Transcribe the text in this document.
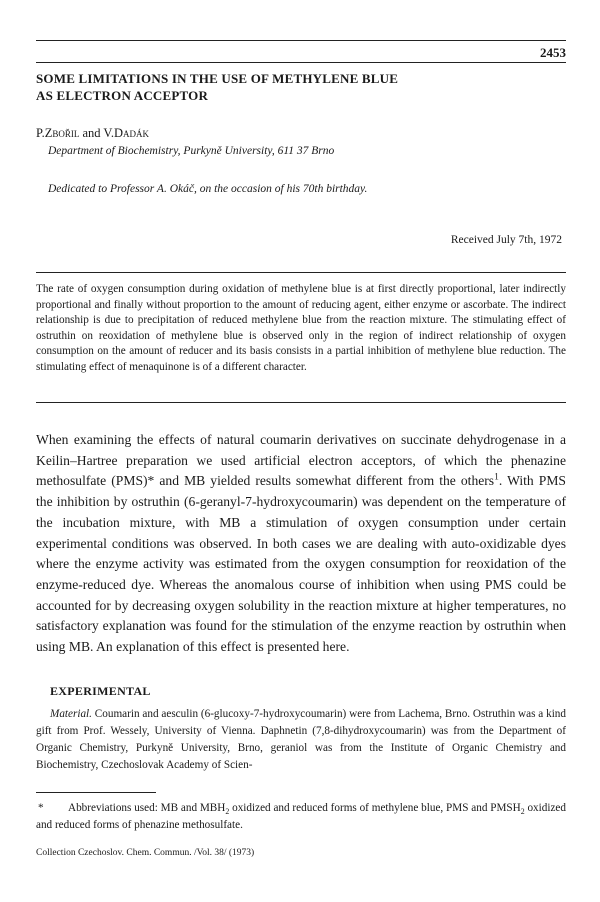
2453
SOME LIMITATIONS IN THE USE OF METHYLENE BLUE
AS ELECTRON ACCEPTOR
P.Zbořil and V.Dadák
Department of Biochemistry, Purkyně University, 611 37 Brno
Dedicated to Professor A. Okáč, on the occasion of his 70th birthday.
Received July 7th, 1972

The rate of oxygen consumption during oxidation of methylene blue is at first directly proportional, later indirectly proportional and finally without proportion to the amount of reducing agent, either enzyme or ascorbate. The indirect relationship is due to precipitation of reduced methylene blue from the reaction mixture. The stimulating effect of ostruthin on reoxidation of methylene blue is observed only in the region of indirect relationship of oxygen consumption on the amount of reducer and its basis consists in a partial inhibition of methylene blue reduction. The stimulating effect of menaquinone is of a different character.

When examining the effects of natural coumarin derivatives on succinate dehydrogenase in a Keilin–Hartree preparation we used artificial electron acceptors, of which the phenazine methosulfate (PMS)* and MB yielded results somewhat different from the others$^1$. With PMS the inhibition by ostruthin (6-geranyl-7-hydroxycoumarin) was dependent on the temperature of the incubation mixture, with MB a stimulation of oxygen consumption under certain experimental conditions was observed. In both cases we are dealing with auto-oxidizable dyes where the enzyme activity was estimated from the oxygen consumption for reoxidation of the enzyme-reduced dye. Whereas the anomalous course of inhibition when using PMS could be accounted for by decreasing oxygen solubility in the reaction mixture at higher temperatures, no satisfactory explanation was found for the stimulation of the enzyme reaction by ostruthin when using MB. An explanation of this effect is presented here.

EXPERIMENTAL

Material. Coumarin and aesculin (6-glucoxy-7-hydroxycoumarin) were from Lachema, Brno. Ostruthin was a kind gift from Prof. Wessely, University of Vienna. Daphnetin (7,8-dihydroxycoumarin) was from the Department of Organic Chemistry, Purkyně University, Brno, geraniol was from the Institute of Organic Chemistry and Biochemistry, Czechoslovak Academy of Scien-

* Abbreviations used: MB and $MBH_2$ oxidized and reduced forms of methylene blue, PMS and $PMSH_2$ oxidized and reduced forms of phenazine methosulfate.

Collection Czechoslov. Chem. Commun. /Vol. 38/ (1973)
